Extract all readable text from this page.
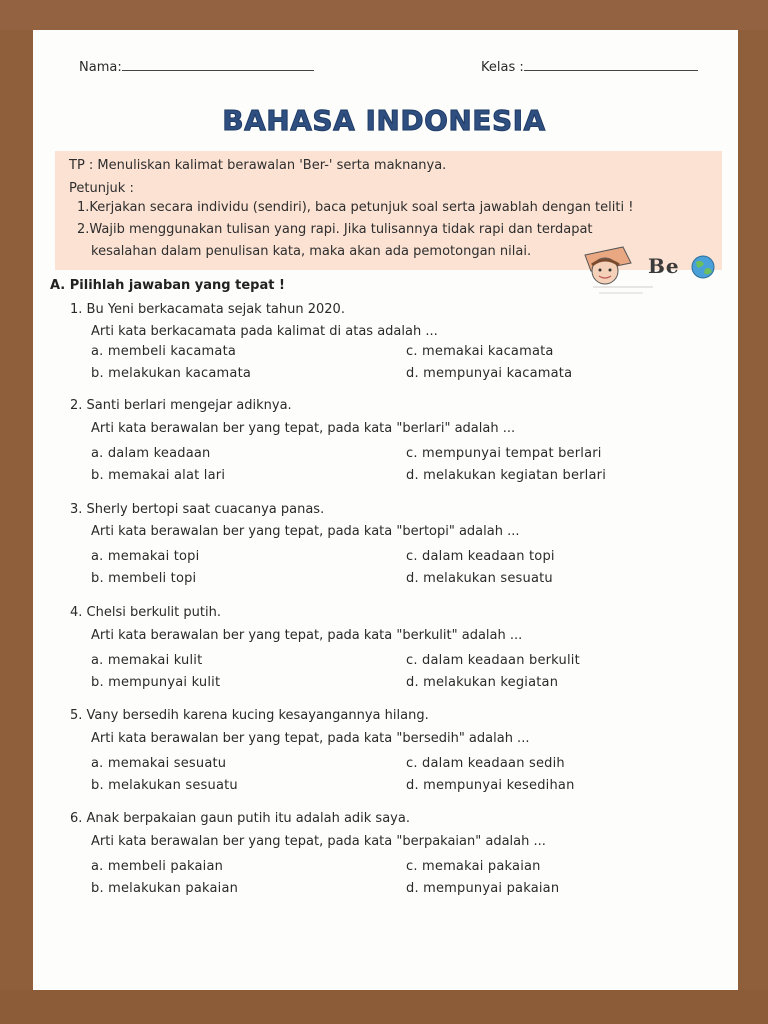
Nama:	Kelas :
BAHASA INDONESIA
TP : Menuliskan kalimat berawalan 'Ber-' serta maknanya.
Petunjuk :
1.Kerjakan secara individu (sendiri), baca petunjuk soal serta jawablah dengan teliti !
2.Wajib menggunakan tulisan yang rapi. Jika tulisannya tidak rapi dan terdapat
kesalahan dalam penulisan kata, maka akan ada pemotongan nilai.
Be
A. Pilihlah jawaban yang tepat !
1. Bu Yeni berkacamata sejak tahun 2020.
Arti kata berkacamata pada kalimat di atas adalah ...
a. membeli kacamata
b. melakukan kacamata
c. memakai kacamata
d. mempunyai kacamata
2. Santi berlari mengejar adiknya.
Arti kata berawalan ber yang tepat, pada kata "berlari" adalah ...
a. dalam keadaan
b. memakai alat lari
c. mempunyai tempat berlari
d. melakukan kegiatan berlari
3. Sherly bertopi saat cuacanya panas.
Arti kata berawalan ber yang tepat, pada kata "bertopi" adalah ...
a. memakai topi
b. membeli topi
c. dalam keadaan topi
d. melakukan sesuatu
4. Chelsi berkulit putih.
Arti kata berawalan ber yang tepat, pada kata "berkulit" adalah ...
a. memakai kulit
b. mempunyai kulit
c. dalam keadaan berkulit
d. melakukan kegiatan
5. Vany bersedih karena kucing kesayangannya hilang.
Arti kata berawalan ber yang tepat, pada kata "bersedih" adalah ...
a. memakai sesuatu
b. melakukan sesuatu
c. dalam keadaan sedih
d. mempunyai kesedihan
6. Anak berpakaian gaun putih itu adalah adik saya.
Arti kata berawalan ber yang tepat, pada kata "berpakaian" adalah ...
a. membeli pakaian
b. melakukan pakaian
c. memakai pakaian
d. mempunyai pakaian
